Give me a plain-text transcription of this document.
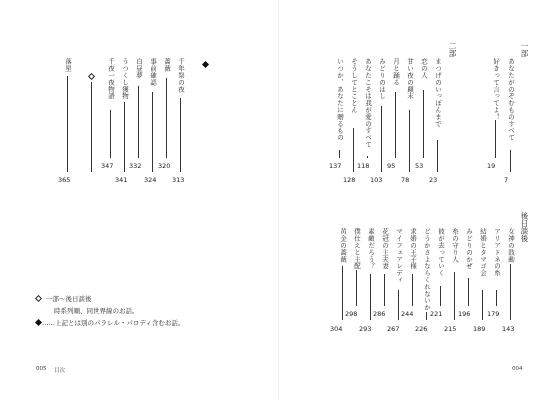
一部
あなたがのぞむものすべて
7
好きって言ってよ！
19
二部
まつげのいっぽんまで
23
恋の人
53
甘い夜の顛末
78
月と踊る
95
みどりのはし
103
あなたこそは我が愛のすべて
118
そうしてとことん
128
いつか、あなたに贈るもの
137
後日談後
女神の鼓動
143
アリアドネの糸
179
結婚とタマゴ会
189
みどりのかぜ
196
糸の守り人
215
彼が去っていく
221
どうかさよならくれないか
226
求婚の王子様
244
マイフェアレディ
267
花冠の主夫妻
286
素敵だろう？
293
僕仕えと主配
298
黄金の薔薇
304
004
千年祭の夜
313
薔薇
320
事前確認
324
白昼夢
332
うつくし獲物
341
千夜一夜物語
347
落星
365
一部～後日談後
時系列順、同世界線のお話。
……上記とは別のパラレル・パロディ含むお話。
005 目次
